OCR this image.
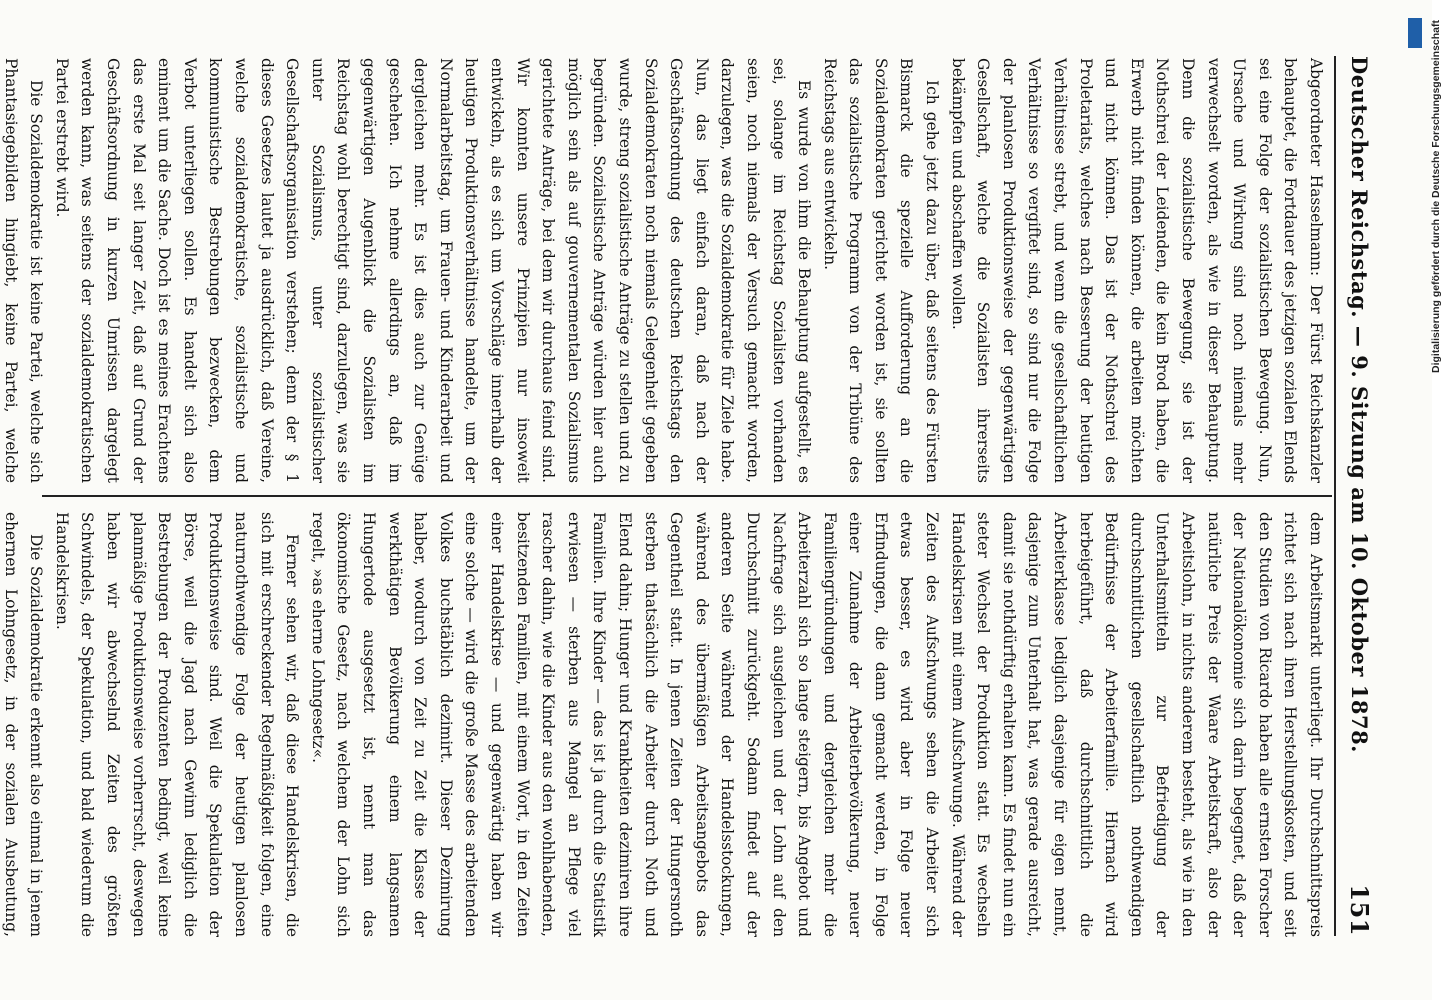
Deutscher Reichstag. — 9. Sitzung am 10. Oktober 1878.
151

Abgeordneter Hasselmann: Der Fürst Reichskanzler behauptet, die Fortdauer des jetzigen sozialen Elends sei eine Folge der sozialistischen Bewegung. Nun, Ursache und Wirkung sind noch niemals mehr verwechselt worden, als wie in dieser Behauptung. Denn die sozialistische Bewegung, sie ist der Nothschrei der Leidenden, die kein Brod haben, die Erwerb nicht finden können, die arbeiten möchten und nicht können. Das ist der Nothschrei des Proletariats, welches nach Besserung der heutigen Verhältnisse strebt, und wenn die gesellschaftlichen Verhältnisse so vergiftet sind, so sind nur die Folge der planlosen Produktionsweise der gegenwärtigen Gesellschaft, welche die Sozialisten ihrerseits bekämpfen und abschaffen wollen.

Ich gehe jetzt dazu über, daß seitens des Fürsten Bismarck die spezielle Aufforderung an die Sozialdemokraten gerichtet worden ist, sie sollten das sozialistische Programm von der Tribüne des Reichstags aus entwickeln.

Es wurde von ihm die Behauptung aufgestellt, es sei, solange im Reichstag Sozialisten vorhanden seien, noch niemals der Versuch gemacht worden, darzulegen, was die Sozialdemokratie für Ziele habe. Nun, das liegt einfach daran, daß nach der Geschäftsordnung des deutschen Reichstags den Sozialdemokraten noch niemals Gelegenheit gegeben wurde, streng sozialistische Anträge zu stellen und zu begründen. Sozialistische Anträge würden hier auch möglich sein als auf gouvernementalen Sozialismus gerichtete Anträge, bei dem wir durchaus feind sind. Wir konnten unsere Prinzipien nur insoweit entwickeln, als es sich um Vorschläge innerhalb der heutigen Produktionsverhältnisse handelte, um der Normalarbeitstag, um Frauen- und Kinderarbeit und dergleichen mehr. Es ist dies auch zur Genüge geschehen. Ich nehme allerdings an, daß im gegenwärtigen Augenblick die Sozialisten im Reichstag wohl berechtigt sind, darzulegen, was sie unter Sozialismus, unter sozialistischer Gesellschaftsorganisation verstehen; denn der § 1 dieses Gesetzes lautet ja ausdrücklich, daß Vereine, welche sozialdemokratische, sozialistische und kommunistische Bestrebungen bezwecken, dem Verbot unterliegen sollen. Es handelt sich also eminent um die Sache. Doch ist es meines Erachtens das erste Mal seit langer Zeit, daß auf Grund der Geschäftsordnung in kurzen Umrissen dargelegt werden kann, was seitens der sozialdemokratischen Partei erstrebt wird.

Die Sozialdemokratie ist keine Partei, welche sich Phantasiegebilden hingiebt, keine Partei, welche

dem Arbeitsmarkt unterliegt. Ihr Durchschnittspreis richtet sich nach ihren Herstellungskosten, und seit den Studien von Ricardo haben alle ernsten Forscher der Nationalökonomie sich darin begegnet, daß der natürliche Preis der Waare Arbeitskraft, also der Arbeitslohn, in nichts anderem besteht, als wie in den Unterhaltsmitteln zur Befriedigung der durchschnittlichen gesellschaftlich nothwendigen Bedürfnisse der Arbeiterfamilie. Hiernach wird herbeigeführt, daß durchschnittlich die Arbeiterklasse lediglich dasjenige für eigen nennt, dasjenige zum Unterhalt hat, was gerade ausreicht, damit sie nothdürftig erhalten kann. Es findet nun ein steter Wechsel der Produktion statt. Es wechseln Handelskrisen mit einem Aufschwunge. Während der Zeiten des Aufschwungs sehen die Arbeiter sich etwas besser, es wird aber in Folge neuer Erfindungen, die dann gemacht werden, in Folge einer Zunahme der Arbeiterbevölkerung, neuer Familiengründungen und dergleichen mehr die Arbeiterzahl sich so lange steigern, bis Angebot und Nachfrage sich ausgleichen und der Lohn auf den Durchschnitt zurückgeht. Sodann findet auf der anderen Seite während der Handelsstockungen, während des übermäßigen Arbeitsangebots das Gegentheil statt. In jenen Zeiten der Hungersnoth sterben thatsächlich die Arbeiter durch Noth und Elend dahin; Hunger und Krankheiten dezimiren ihre Familien. Ihre Kinder — das ist ja durch die Statistik erwiesen — sterben aus Mangel an Pflege viel rascher dahin, wie die Kinder aus den wohlhabenden, besitzenden Familien, mit einem Wort, in den Zeiten einer Handelskrise — und gegenwärtig haben wir eine solche — wird die große Masse des arbeitenden Volkes buchstäblich dezimirt. Dieser Dezimirung halber, wodurch von Zeit zu Zeit die Klasse der werkthätigen Bevölkerung einem langsamen Hungertode ausgesetzt ist, nennt man das ökonomische Gesetz, nach welchem der Lohn sich regelt, »as eherne Lohngesetz«.

Ferner sehen wir, daß diese Handelskrisen, die sich mit erschreckender Regelmäßigkeit folgen, eine naturnothwendige Folge der heutigen planlosen Produktionsweise sind. Weil die Spekulation der Börse, weil die Jagd nach Gewinn lediglich die Bestrebungen der Produzenten bedingt, weil keine planmäßige Produktionsweise vorherrscht, deswegen haben wir abwechselnd Zeiten des größten Schwindels, der Spekulation, und bald wiederum die Handelskrisen.

Die Sozialdemokratie erkennt also einmal in jenem ehernen Lohngesetz, in der sozialen Ausbeutung,

Digitalisierung gefördert durch die Deutsche Forschungsgemeinschaft
